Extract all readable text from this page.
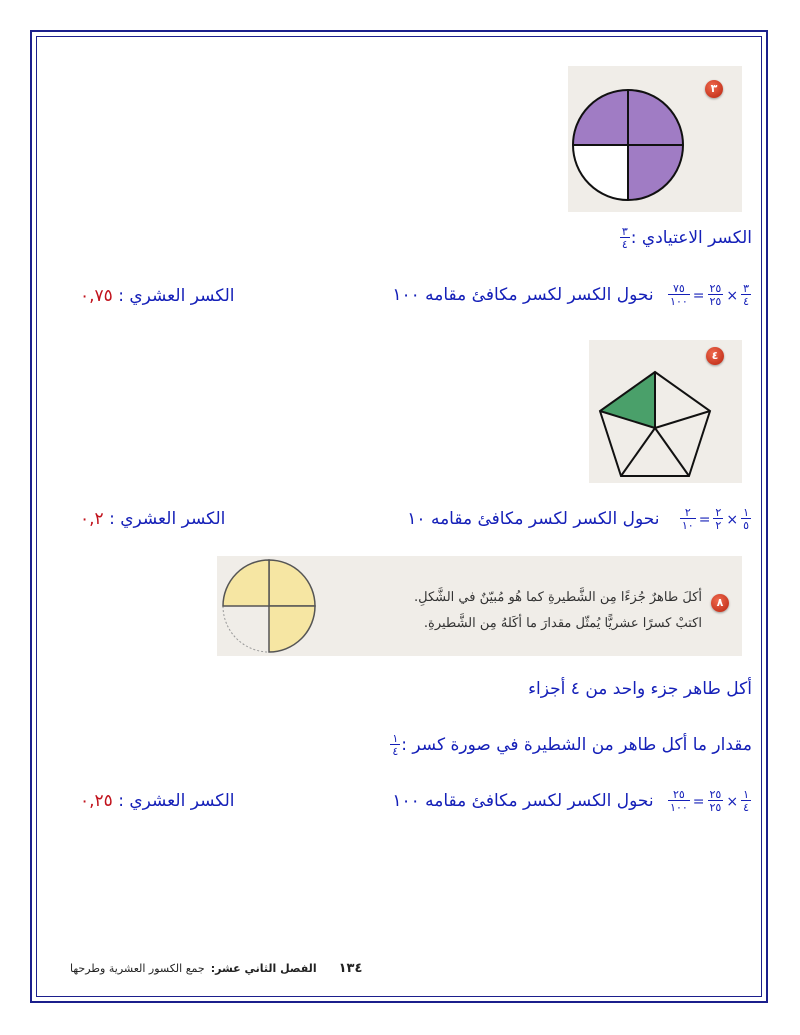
٣
الكسر الاعتيادي :
$\frac{٣}{٤}$
$\frac{٣}{٤}$
×
$\frac{٢٥}{٢٥}$
=
$\frac{٧٥}{١٠٠}$
نحول الكسر لكسر مكافئ مقامه ١٠٠
الكسر العشري : ٠,٧٥
٤
$\frac{١}{٥}$
×
$\frac{٢}{٢}$
=
$\frac{٢}{١٠}$
نحول الكسر لكسر مكافئ مقامه ١٠
الكسر العشري : ٠,٢
٨
أكلَ طاهرٌ جُزءًا مِن الشَّطيرةِ كما هُو مُبيّنٌ في الشَّكلِ.
اكتبْ كسرًا عشريًّا يُمثّل مقدارَ ما أكَلهُ مِن الشَّطيرةِ.
أكل طاهر جزء واحد من ٤ أجزاء
مقدار ما أكل طاهر من الشطيرة في صورة كسر :
$\frac{١}{٤}$
$\frac{١}{٤}$
×
$\frac{٢٥}{٢٥}$
=
$\frac{٢٥}{١٠٠}$
نحول الكسر لكسر مكافئ مقامه ١٠٠
الكسر العشري : ٠,٢٥
١٣٤الفصل الثاني عشر:جمع الكسور العشرية وطرحها
